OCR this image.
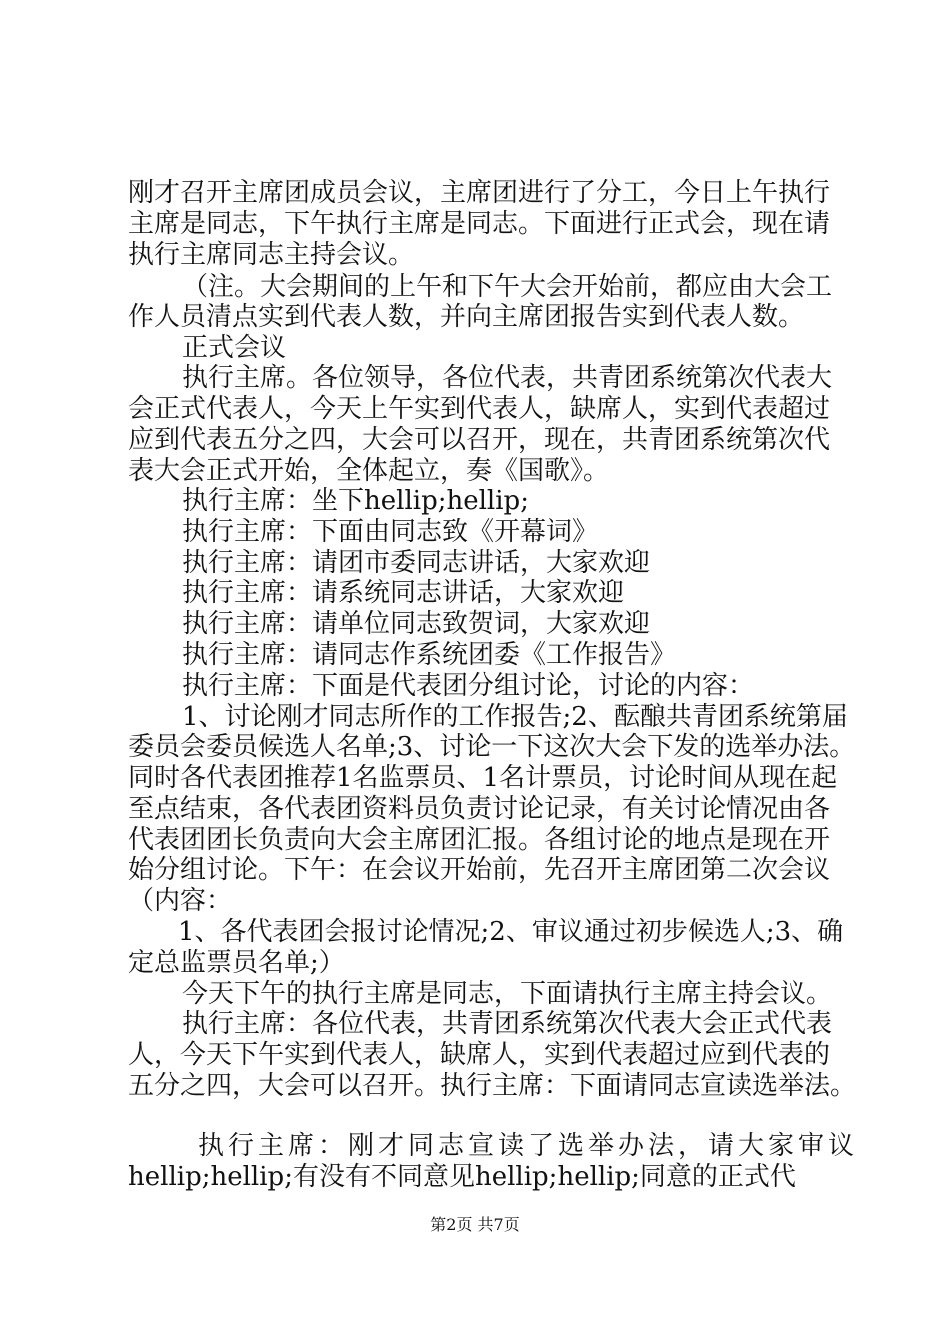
刚才召开主席团成员会议，主席团进行了分工，今日上午执行
主席是同志，下午执行主席是同志。下面进行正式会，现在请
执行主席同志主持会议。
（注。大会期间的上午和下午大会开始前，都应由大会工
作人员清点实到代表人数，并向主席团报告实到代表人数。
正式会议
执行主席。各位领导，各位代表，共青团系统第次代表大
会正式代表人，今天上午实到代表人，缺席人，实到代表超过
应到代表五分之四，大会可以召开，现在，共青团系统第次代
表大会正式开始，全体起立，奏《国歌》。
执行主席：坐下hellip;hellip;
执行主席：下面由同志致《开幕词》
执行主席：请团市委同志讲话，大家欢迎
执行主席：请系统同志讲话，大家欢迎
执行主席：请单位同志致贺词，大家欢迎
执行主席：请同志作系统团委《工作报告》
执行主席：下面是代表团分组讨论，讨论的内容：
1、讨论刚才同志所作的工作报告;2、酝酿共青团系统第届
委员会委员候选人名单;3、讨论一下这次大会下发的选举办法。
同时各代表团推荐1名监票员、1名计票员，讨论时间从现在起
至点结束，各代表团资料员负责讨论记录，有关讨论情况由各
代表团团长负责向大会主席团汇报。各组讨论的地点是现在开
始分组讨论。下午：在会议开始前，先召开主席团第二次会议
（内容：
1、各代表团会报讨论情况;2、审议通过初步候选人;3、确
定总监票员名单;）
今天下午的执行主席是同志，下面请执行主席主持会议。
执行主席：各位代表，共青团系统第次代表大会正式代表
人，今天下午实到代表人，缺席人，实到代表超过应到代表的
五分之四，大会可以召开。执行主席：下面请同志宣读选举法。
执行主席：刚才同志宣读了选举办法，请大家审议
hellip;hellip;有没有不同意见hellip;hellip;同意的正式代
第2页 共7页
